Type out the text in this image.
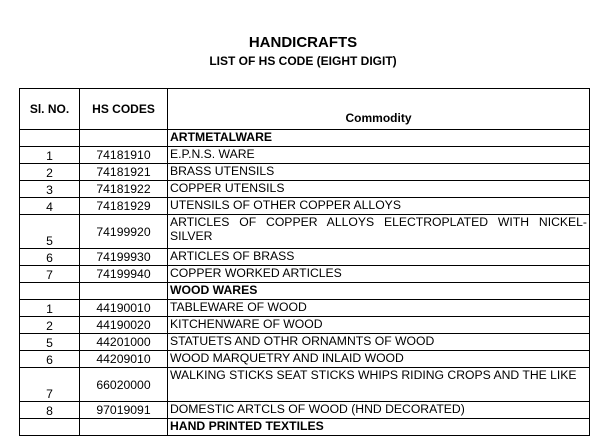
HANDICRAFTS
LIST OF HS CODE (EIGHT DIGIT)
Sl. NO.	HS CODES	Commodity
		ARTMETALWARE
1	74181910	E.P.N.S. WARE
2	74181921	BRASS UTENSILS
3	74181922	COPPER UTENSILS
4	74181929	UTENSILS OF OTHER COPPER ALLOYS
5	74199920	ARTICLES OF COPPER ALLOYS ELECTROPLATED WITH NICKEL-SILVER
6	74199930	ARTICLES OF BRASS
7	74199940	COPPER WORKED ARTICLES
		WOOD WARES
1	44190010	TABLEWARE OF WOOD
2	44190020	KITCHENWARE OF WOOD
5	44201000	STATUETS AND OTHR ORNAMNTS OF WOOD
6	44209010	WOOD MARQUETRY AND INLAID WOOD
7	66020000	WALKING STICKS SEAT STICKS WHIPS RIDING CROPS AND THE LIKE
8	97019091	DOMESTIC ARTCLS OF WOOD (HND DECORATED)
		HAND PRINTED TEXTILES
